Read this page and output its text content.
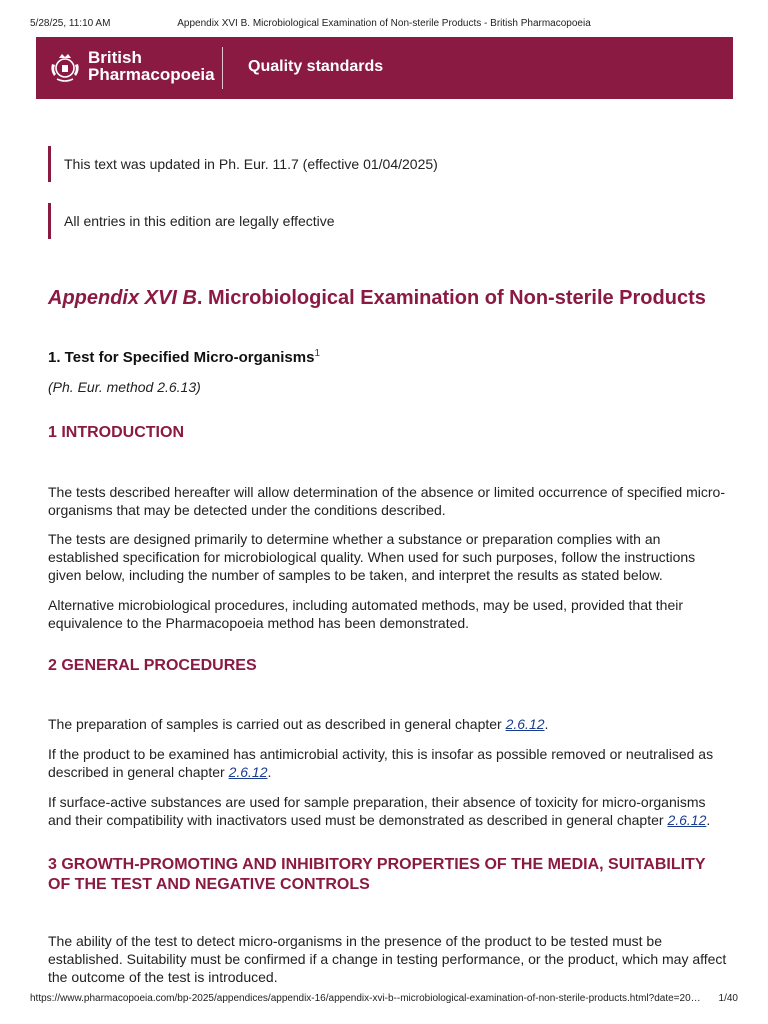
5/28/25, 11:10 AM	Appendix XVI B. Microbiological Examination of Non-sterile Products - British Pharmacopoeia
British
Pharmacopoeia Quality standards
This text was updated in Ph. Eur. 11.7 (effective 01/04/2025)
All entries in this edition are legally effective
Appendix XVI B. Microbiological Examination of Non-sterile Products
1. Test for Specified Micro-organisms$^1$

(Ph. Eur. method 2.6.13)

1 INTRODUCTION

The tests described hereafter will allow determination of the absence or limited occurrence of specified micro-organisms that may be detected under the conditions described.

The tests are designed primarily to determine whether a substance or preparation complies with an established specification for microbiological quality. When used for such purposes, follow the instructions given below, including the number of samples to be taken, and interpret the results as stated below.

Alternative microbiological procedures, including automated methods, may be used, provided that their equivalence to the Pharmacopoeia method has been demonstrated.

2 GENERAL PROCEDURES

The preparation of samples is carried out as described in general chapter 2.6.12.

If the product to be examined has antimicrobial activity, this is insofar as possible removed or neutralised as described in general chapter 2.6.12.

If surface-active substances are used for sample preparation, their absence of toxicity for micro-organisms and their compatibility with inactivators used must be demonstrated as described in general chapter 2.6.12.

3 GROWTH-PROMOTING AND INHIBITORY PROPERTIES OF THE MEDIA, SUITABILITY OF THE TEST AND NEGATIVE CONTROLS

The ability of the test to detect micro-organisms in the presence of the product to be tested must be established. Suitability must be confirmed if a change in testing performance, or the product, which may affect the outcome of the test is introduced.

https://www.pharmacopoeia.com/bp-2025/appendices/appendix-16/appendix-xvi-b--microbiological-examination-of-non-sterile-products.html?date=20… 1/40
